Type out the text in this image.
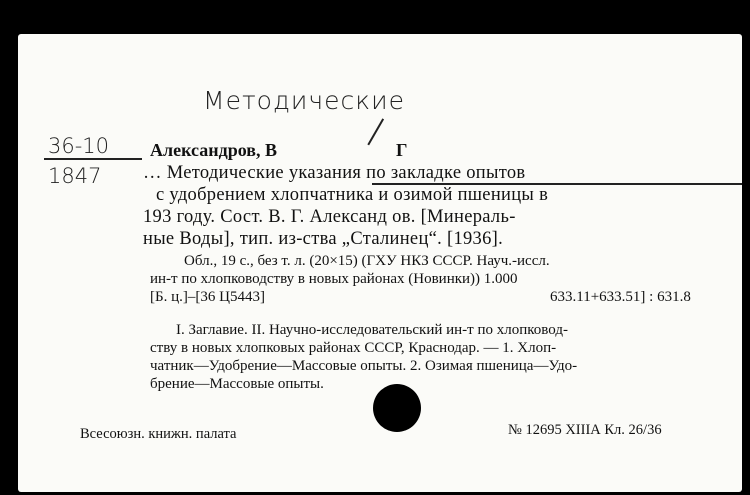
Методические
36-10
1847
Александров, В	Г
… Методические указания по закладке опытов
с удобрением хлопчатника и озимой пшеницы в
193 году. Сост. В. Г. Александ ов. [Минераль-
ные Воды], тип. из-ства „Сталинец“. [1936].
Обл., 19 с., без т. л. (20×15) (ГХУ НКЗ СССР. Науч.-иссл.
ин-т по хлопководству в новых районах (Новинки)) 1.000
[Б. ц.]–[36 Ц5443]	633.11+633.51] : 631.8
I. Заглавие. II. Научно-исследовательский ин-т по хлопковод-
ству в новых хлопковых районах СССР, Краснодар. — 1. Хлоп-
чатник—Удобрение—Массовые опыты. 2. Озимая пшеница—Удо-
брение—Массовые опыты.
Всесоюзн. книжн. палата	№ 12695 XIIIА Кл. 26/36
